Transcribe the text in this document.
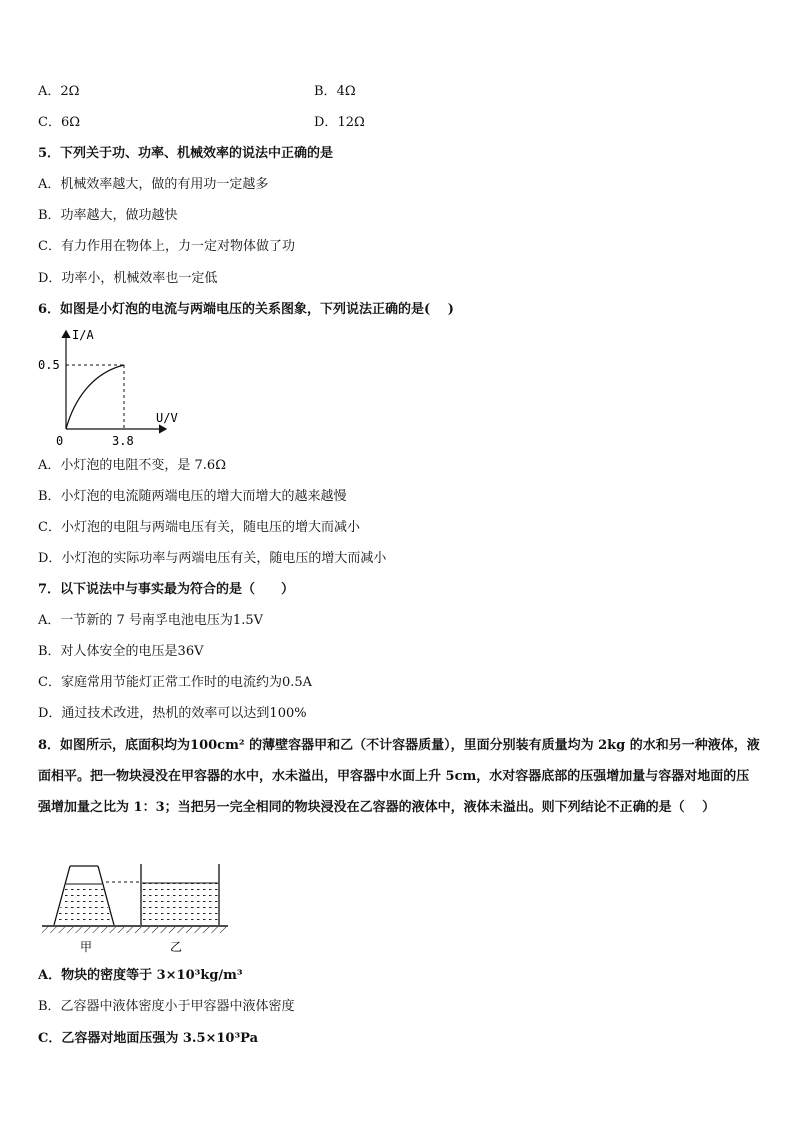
A．2Ω	B．4Ω
C．6Ω	D．12Ω
5．下列关于功、功率、机械效率的说法中正确的是
A．机械效率越大，做的有用功一定越多
B．功率越大，做功越快
C．有力作用在物体上，力一定对物体做了功
D．功率小，机械效率也一定低
6．如图是小灯泡的电流与两端电压的关系图象，下列说法正确的是(　 )
I/A
U/V
0.5
3.8
0
A．小灯泡的电阻不变，是 7.6Ω
B．小灯泡的电流随两端电压的增大而增大的越来越慢
C．小灯泡的电阻与两端电压有关，随电压的增大而减小
D．小灯泡的实际功率与两端电压有关，随电压的增大而减小
7．以下说法中与事实最为符合的是（　　）
A．一节新的 7 号南孚电池电压为1.5V
B．对人体安全的电压是36V
C．家庭常用节能灯正常工作时的电流约为0.5A
D．通过技术改进，热机的效率可以达到100%
8．如图所示，底面积均为100cm² 的薄壁容器甲和乙（不计容器质量），里面分别装有质量均为 2kg 的水和另一种液体，液面相平。把一物块浸没在甲容器的水中，水未溢出，甲容器中水面上升 5cm，水对容器底部的压强增加量与容器对地面的压强增加量之比为 1：3；当把另一完全相同的物块浸没在乙容器的液体中，液体未溢出。则下列结论不正确的是（　 ）
甲	乙
A．物块的密度等于 3×10³kg/m³
B．乙容器中液体密度小于甲容器中液体密度
C．乙容器对地面压强为 3.5×10³Pa
